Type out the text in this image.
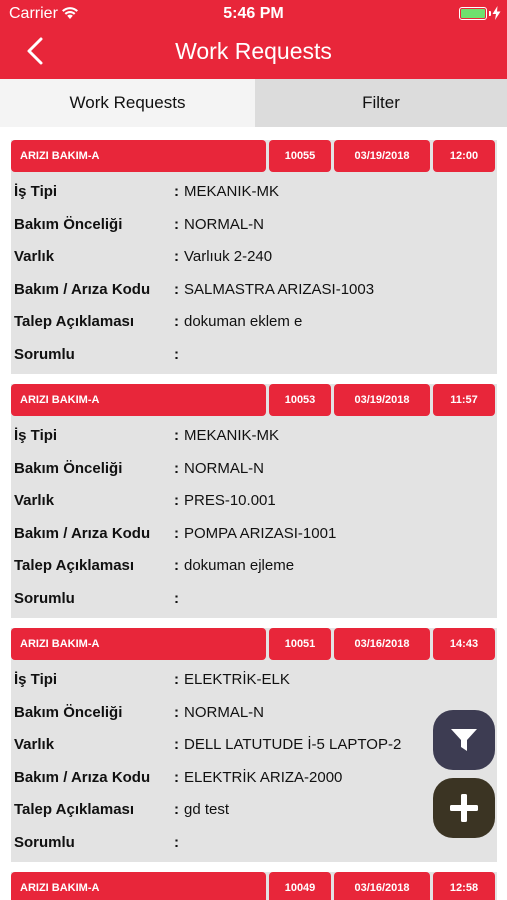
Carrier	5:46 PM
Work Requests
Work Requests	Filter
ARIZI BAKIM-A	10055	03/19/2018	12:00
İş Tipi	: MEKANIK-MK
Bakım Önceliği	: NORMAL-N
Varlık	: Varlıuk 2-240
Bakım / Arıza Kodu : SALMASTRA ARIZASI-1003
Talep Açıklaması	: dokuman eklem e
Sorumlu	:
ARIZI BAKIM-A	10053	03/19/2018	11:57
İş Tipi	: MEKANIK-MK
Bakım Önceliği	: NORMAL-N
Varlık	: PRES-10.001
Bakım / Arıza Kodu : POMPA ARIZASI-1001
Talep Açıklaması	: dokuman ejleme
Sorumlu	:
ARIZI BAKIM-A	10051	03/16/2018	14:43
İş Tipi	: ELEKTRİK-ELK
Bakım Önceliği	: NORMAL-N
Varlık	: DELL LATUTUDE İ-5 LAPTOP-2
Bakım / Arıza Kodu : ELEKTRİK ARIZA-2000
Talep Açıklaması	: gd test
Sorumlu	:
ARIZI BAKIM-A	10049	03/16/2018	12:58
